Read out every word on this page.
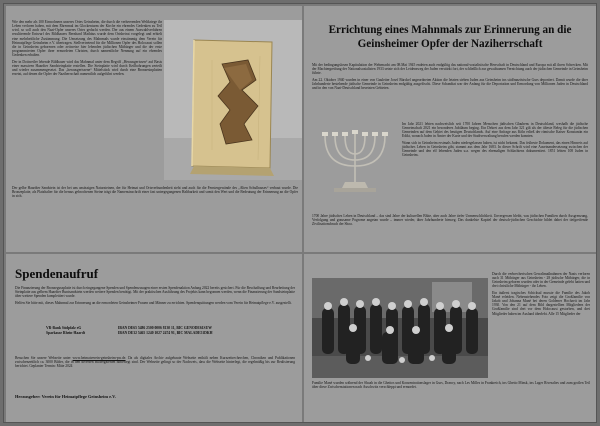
Wie den mehr als 100 Einwohnern unseres Ortes Geinsheim, die durch die verheerenden Weltkriege ihr Leben verloren haben, mit dem Ehrenmal im Glockenturm der Kirche ein ehrendes Gedenken zu Teil wird, so soll auch den Nazi-Opfer unseres Ortes gedacht werden. Der aus einem Auswahlverfahren resultierende Entwurf des Bildhauers Bernhard Mathäus wurde dem Ortsbeirat vorgelegt und erhielt eine mehrheitliche Zustimmung. Die Umsetzung des Mahnmals wurde einstimmig dem Verein für Heimatpflege Geinsheim e.V. übertragen. Stellvertretend für die Millionen Opfer des Holocaust sollen die in Geinsheim geborenen oder zeitweise hier lebenden jüdischen Mitbürger und die der erste programmierten Opfer ihrer ermordeten Christen, durch namentliche Nennung auf ein ehrendes Gedenken erhalten.

Der in Dottweiler lebende Bildhauer wird das Mahnmal unter dem Begriff „Herausgerissen“ auf Basis einer massiven Haardter Sandsteinplatte erstellen. Die Steinplatte wird durch Keilbohrungen zerteilt und wieder zusammengesetzt. Das „herausgerissene“ Mittelstück wird durch eine Bronzesinplatten ersetzt, auf denen die Opfer der Naziherrschaft namentlich aufgeführt werden.

Der gelbe Haardter Sandstein ist der bei uns ansässigen Natursteinen, der für Heimat und Ortsverbundenheit steht und auch für die Fenstergewände des „Alten Schulhauses“ verbaut wurde. Die Bronzeplatte, als Platzhalter für die heraus gebrochenen Steine trägt die Namensinschrift einer fast untergegangenen Haltbarkeit und somit den Wert und die Bedeutung der Erinnerung an die Opfer in sich.

Errichtung eines Mahnmals zur Erinnerung an die Geinsheimer Opfer der Naziherrschaft

Mit der bedingungslosen Kapitulation der Wehrmacht am 08.Mai 1945 endeten auch endgültig das national-sozialistische Herrschaft in Deutschland und Europa mit all ihren Schrecken. Mit der Machtergreifung der Nationalsozialisten 1933 setzte sich der Leidensweg der Juden verstärkt fort, der schließlich zur gewaltsamen Vernichtung auch der jüdischen Gemeinde in Geinsheim führte.

Am 22. Oktober 1940 wurden in einer von Gauleiter Josef Bürckel angeordneten Aktion die letzten sieben Juden aus Geinsheim ins südfranzösische Gurs deportiert. Damit wurde die über Jahrhunderte bestehende jüdische Gemeinde in Geinsheim endgültig ausgelöscht. Diese Schandtat war der Anfang für die Deportation und Ermordung von Millionen Juden in Deutschland und in den von Nazi-Deutschland besetzten Gebieten.

Im Jahr 2021 lebten nachweislich seit 1700 Jahren Menschen jüdischen Glaubens in Deutschland, weshalb die jüdische Gemeinschaft 2021 ein besonderes Jubiläum beging. Ein Dekret aus dem Jahr 321 gilt als der älteste Beleg für die jüdischen Gemeinden auf dem Gebiet des heutigen Deutschlands. Auf eine Anfrage aus Köln erließ der römische Kaiser Konstantin ein Edikt, wonach Juden in Ämter der Kurie und der Stadtverwaltung berufen werden konnten.

Wann sich in Geinsheim erstmals Juden niedergelassen haben, ist nicht bekannt. Das früheste Dokument, das einen Hinweis auf jüdisches Leben in Geinsheim gibt, stammt aus dem Jahr 1683. In dieser Schrift wird eine Auseinandersetzung zwischen der Gemeinde und den elf lebenden Juden u.a. wegen des ehemaligen Schlachtens dokumentiert. 1851 lebten 108 Juden in Geinsheim.

1700 Jahre jüdisches Leben in Deutschland – das sind Jahre der kulturellen Blüte, aber auch Jahre tiefer Unmenschlichkeit. Unvergessen bleibt, was jüdischen Familien durch Ausgrenzung, Verfolgung und grausame Pogrome angetan wurde – immer wieder, über Jahrhunderte hinweg. Das dunkelste Kapitel der deutsch-jüdischen Geschichte bildet dabei der tiefgreifende Zivilisationsbruch der Shoa.

Spendenaufruf

Die Finanzierung der Bronzegussplatte ist durch eingegangene Spenden und Spendenzusagen einer ersten Spendenaktion Anfang 2022 bereits gesichert. Für die Beschaffung und Bearbeitung der Steinplatte aus gelbem Haardter Buntsandstein werden weitere Spenden benötigt. Mit der praktischen Ausführung des Projekts kann begonnen werden, wenn die Finanzierung der Sandsteinplatte über weitere Spenden komplettiert wurde.

Helfen Sie bitte mit, dieses Mahnmal zur Erinnerung an die ermordeten Geinsheimer Frauen und Männer zu errichten. Spendenquittungen werden vom Verein für Heimatpflege e.V. ausgestellt.

VR-Bank Südpfalz eG	IBAN DE65 5486 2500 0006 8130 11, BIC GENODE61SUW
Sparkasse Rhein-Haardt	IBAN DE32 5465 1240 1027 2474 91, BIC MALADE51DKH

Besuchen Sie unsere Webseite unter www.heimatverein-geinsheim-pw.de. Da als digitales Archiv aufgebaute Webseite enthält neben Kurzzeitrecherchen, Chroniken und Publikationen zwischenzeitlich ca. 3000 Bilder, die in den diversen Bildergalerien hinterlegt sind. Der Webseite gelingt so der Nachweis, dass die Webseite hinterlegt, die regelmäßig bis zur Realisierung berichtet. Geplanter Termin: Mitte 2024

Herausgeber: Verein für Heimatpflege Geinsheim e.V.

Durch die verbrecherischen Gewaltmaßnahmen der Nazis verloren auch 31 Mitbürger aus Geinsheim - 28 jüdische Mitbürger, die in Geinsheim geboren wurden oder in der Gemeinde gelebt hatten und drei christliche Mitbürger - ihr Leben.

Ein äußerst tragisches Schicksal musste die Familie des Jakob Manè erleiden. Nebenstehendes Foto zeigt die Großfamilie von Jakob und Johanna Manè bei deren Goldener Hochzeit im Jahr 1930. Von den 21 auf dem Bild dargestellten Mitgliedern der Großfamilie sind drei vor dem Holocaust gestorben, und drei Mitglieder haben im Ausland überlebt. Alle 15 Mitglieder der

Familie Manè wurden während der Shoah in die Ghettos und Konzentrationslager in Gurs, Drancy, nach Les Milles in Frankreich, ins Ghetto Minsk, ins Lager Rivesaltes und zum großen Teil über diese Zwischenstationen nach Auschwitz verschleppt und ermordet.
